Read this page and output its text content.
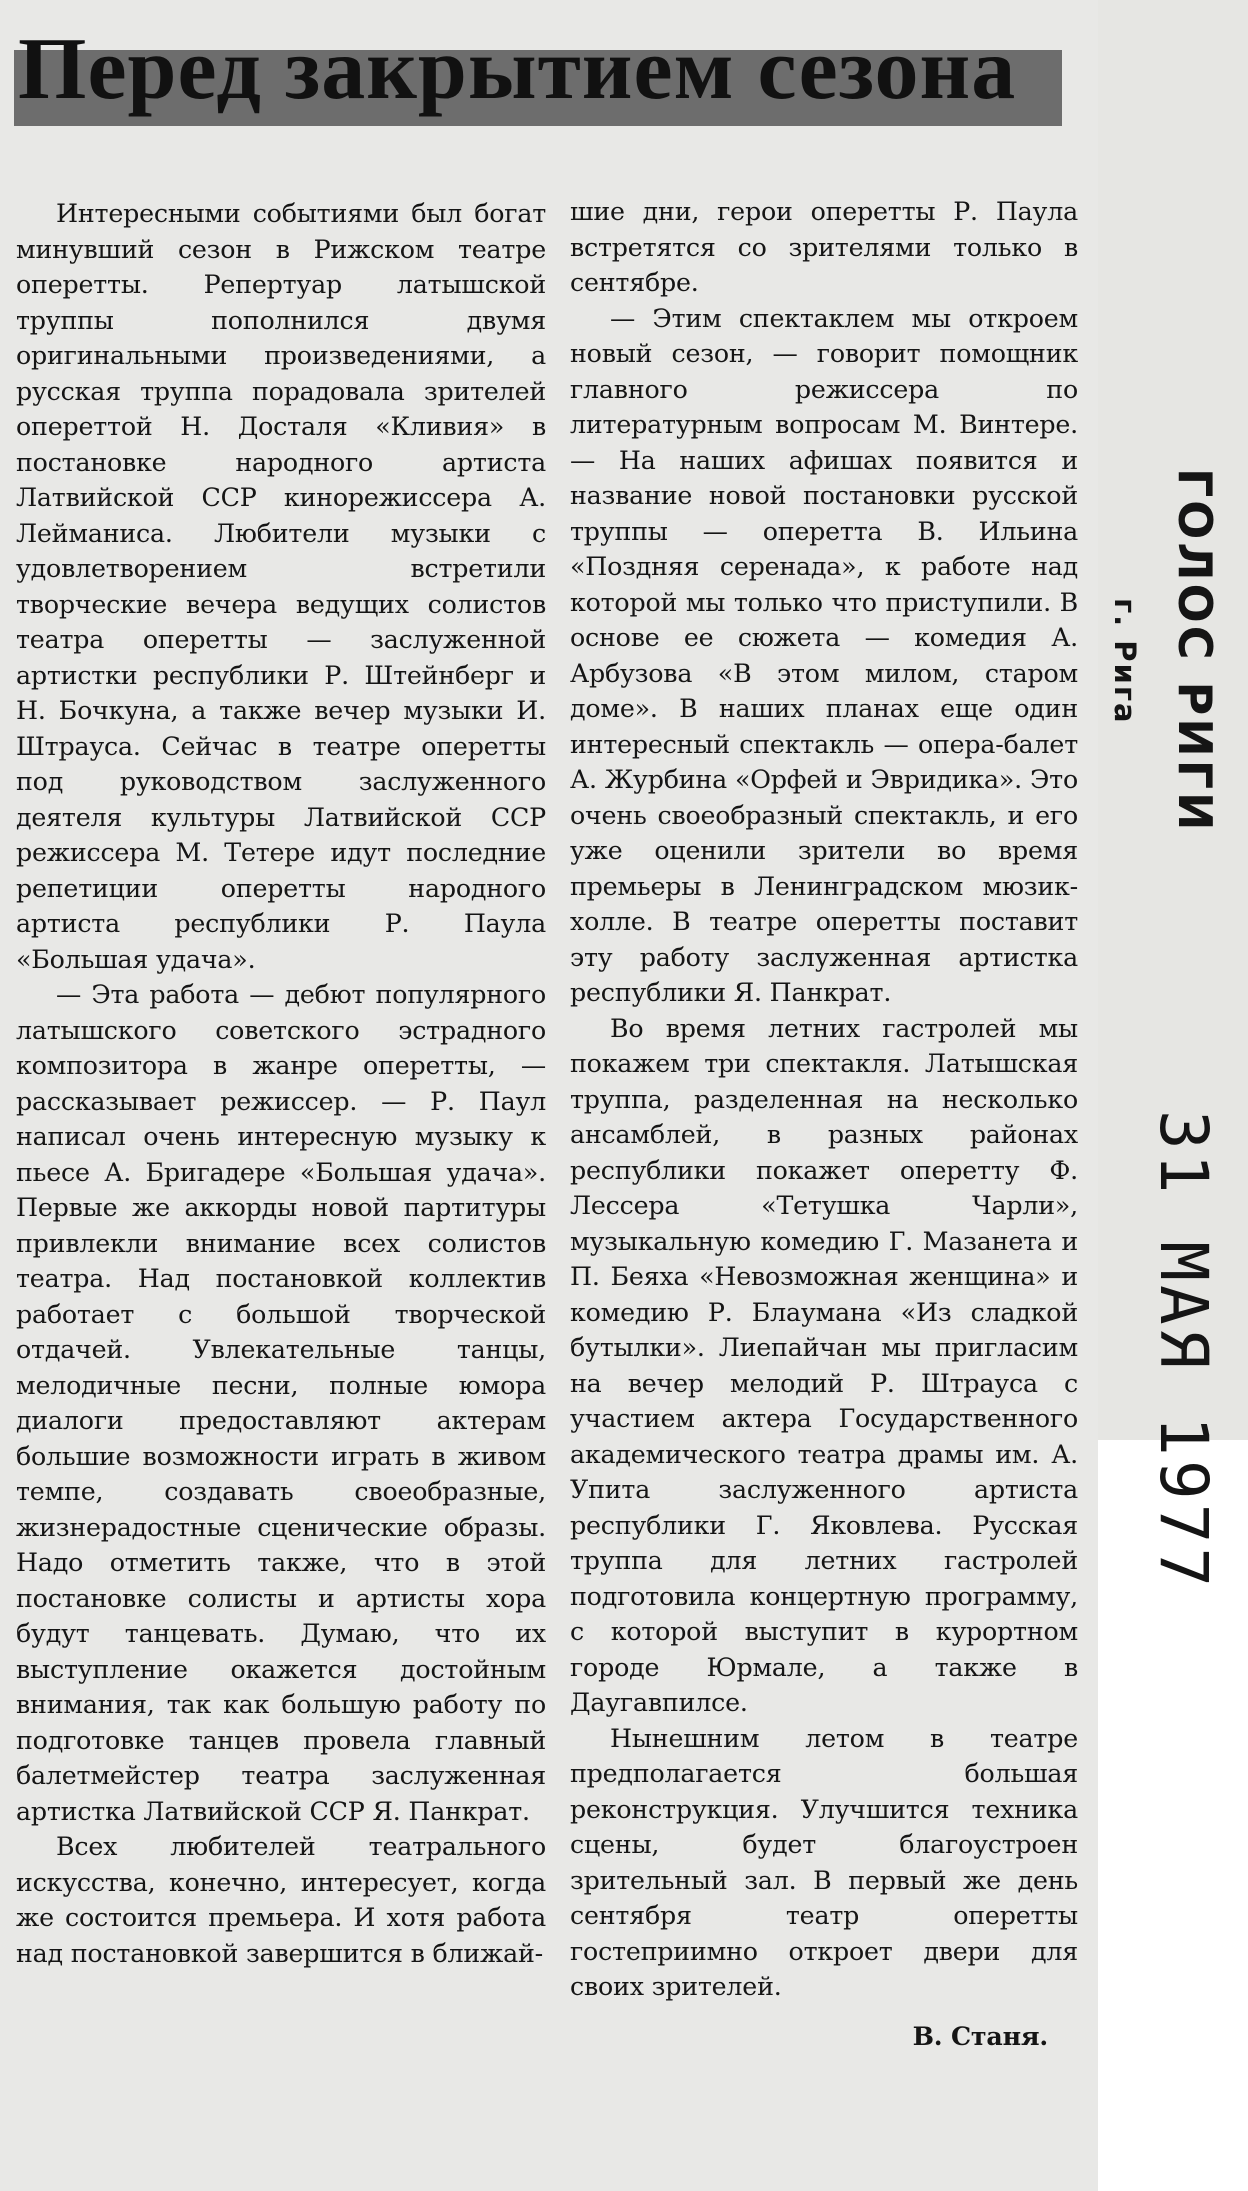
Перед закрытием сезона

Интересными событиями был богат минувший сезон в Рижском театре оперетты. Репертуар латышской труппы пополнился двумя оригинальными произведениями, а русская труппа порадовала зрителей опереттой Н. Досталя «Кливия» в постановке народного артиста Латвийской ССР кинорежиссера А. Лейманиса. Любители музыки с удовлетворением встретили творческие вечера ведущих солистов театра оперетты — заслуженной артистки республики Р. Штейнберг и Н. Бочкуна, а также вечер музыки И. Штрауса. Сейчас в театре оперетты под руководством заслуженного деятеля культуры Латвийской ССР режиссера М. Тетере идут последние репетиции оперетты народного артиста республики Р. Паула «Большая удача».

— Эта работа — дебют популярного латышского советского эстрадного композитора в жанре оперетты, — рассказывает режиссер. — Р. Паул написал очень интересную музыку к пьесе А. Бригадере «Большая удача». Первые же аккорды новой партитуры привлекли внимание всех солистов театра. Над постановкой коллектив работает с большой творческой отдачей. Увлекательные танцы, мелодичные песни, полные юмора диалоги предоставляют актерам большие возможности играть в живом темпе, создавать своеобразные, жизнерадостные сценические образы. Надо отметить также, что в этой постановке солисты и артисты хора будут танцевать. Думаю, что их выступление окажется достойным внимания, так как большую работу по подготовке танцев провела главный балетмейстер театра заслуженная артистка Латвийской ССР Я. Панкрат.

Всех любителей театрального искусства, конечно, интересует, когда же состоится премьера. И хотя работа над постановкой завершится в ближай-

шие дни, герои оперетты Р. Паула встретятся со зрителями только в сентябре.

— Этим спектаклем мы откроем новый сезон, — говорит помощник главного режиссера по литературным вопросам М. Винтере. — На наших афишах появится и название новой постановки русской труппы — оперетта В. Ильина «Поздняя серенада», к работе над которой мы только что приступили. В основе ее сюжета — комедия А. Арбузова «В этом милом, старом доме». В наших планах еще один интересный спектакль — опера-балет А. Журбина «Орфей и Эвридика». Это очень своеобразный спектакль, и его уже оценили зрители во время премьеры в Ленинградском мюзик-холле. В театре оперетты поставит эту работу заслуженная артистка республики Я. Панкрат.

Во время летних гастролей мы покажем три спектакля. Латышская труппа, разделенная на несколько ансамблей, в разных районах республики покажет оперетту Ф. Лессера «Тетушка Чарли», музыкальную комедию Г. Мазанета и П. Беяха «Невозможная женщина» и комедию Р. Блаумана «Из сладкой бутылки». Лиепайчан мы пригласим на вечер мелодий Р. Штрауса с участием актера Государственного академического театра драмы им. А. Упита заслуженного артиста республики Г. Яковлева. Русская труппа для летних гастролей подготовила концертную программу, с которой выступит в курортном городе Юрмале, а также в Даугавпилсе.

Нынешним летом в театре предполагается большая реконструкция. Улучшится техника сцены, будет благоустроен зрительный зал. В первый же день сентября театр оперетты гостеприимно откроет двери для своих зрителей.

В. Станя.

ГОЛОС РИГИ
г. Рига
31 МАЯ 1977
